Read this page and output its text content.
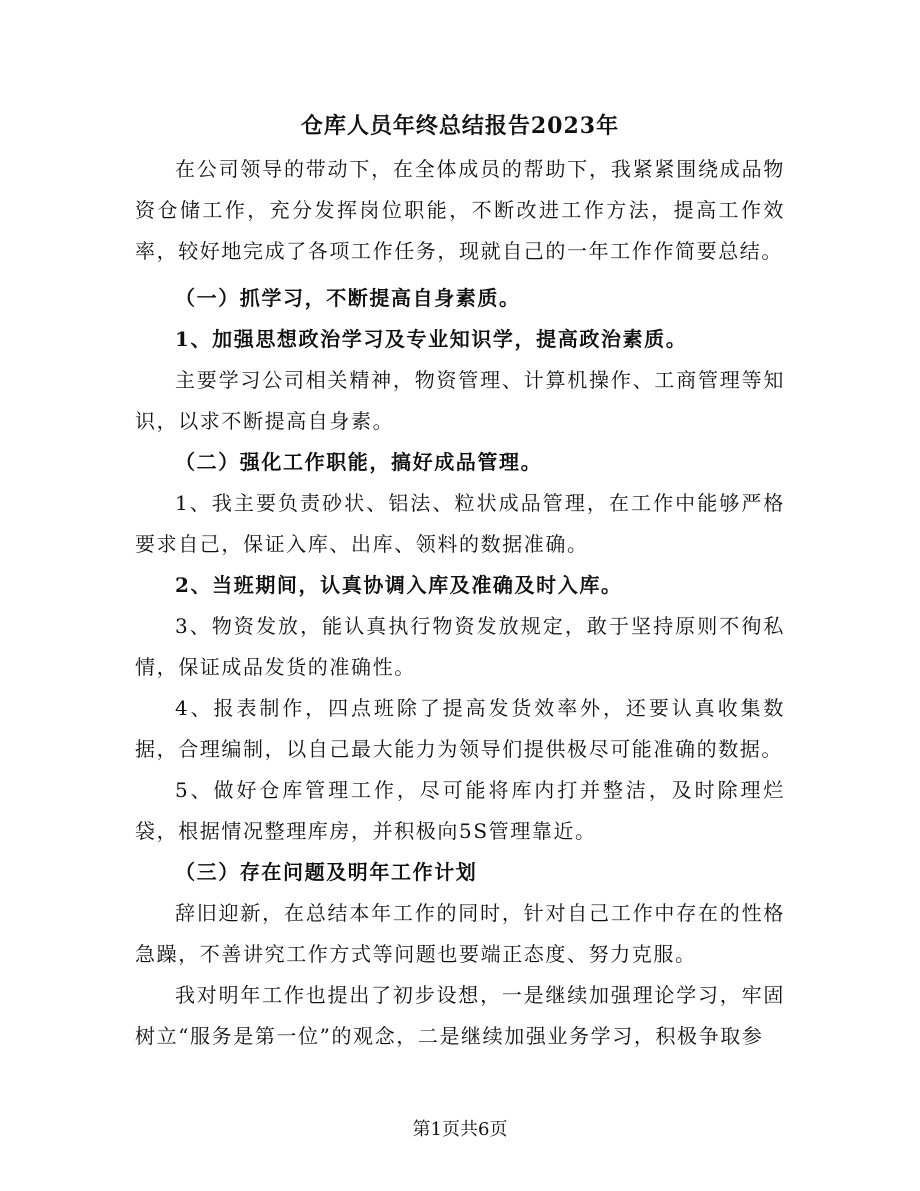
仓库人员年终总结报告2023年

在公司领导的带动下，在全体成员的帮助下，我紧紧围绕成品物资仓储工作，充分发挥岗位职能，不断改进工作方法，提高工作效率，较好地完成了各项工作任务，现就自己的一年工作作简要总结。

（一）抓学习，不断提高自身素质。

1、加强思想政治学习及专业知识学，提高政治素质。

主要学习公司相关精神，物资管理、计算机操作、工商管理等知识，以求不断提高自身素。

（二）强化工作职能，搞好成品管理。

1、我主要负责砂状、铝法、粒状成品管理，在工作中能够严格要求自己，保证入库、出库、领料的数据准确。

2、当班期间，认真协调入库及准确及时入库。

3、物资发放，能认真执行物资发放规定，敢于坚持原则不徇私情，保证成品发货的准确性。

4、报表制作，四点班除了提高发货效率外，还要认真收集数据，合理编制，以自己最大能力为领导们提供极尽可能准确的数据。

5、做好仓库管理工作，尽可能将库内打并整洁，及时除理烂袋，根据情况整理库房，并积极向5S管理靠近。

（三）存在问题及明年工作计划

辞旧迎新，在总结本年工作的同时，针对自己工作中存在的性格急躁，不善讲究工作方式等问题也要端正态度、努力克服。

我对明年工作也提出了初步设想，一是继续加强理论学习，牢固树立“服务是第一位”的观念，二是继续加强业务学习，积极争取参

第1页共6页
